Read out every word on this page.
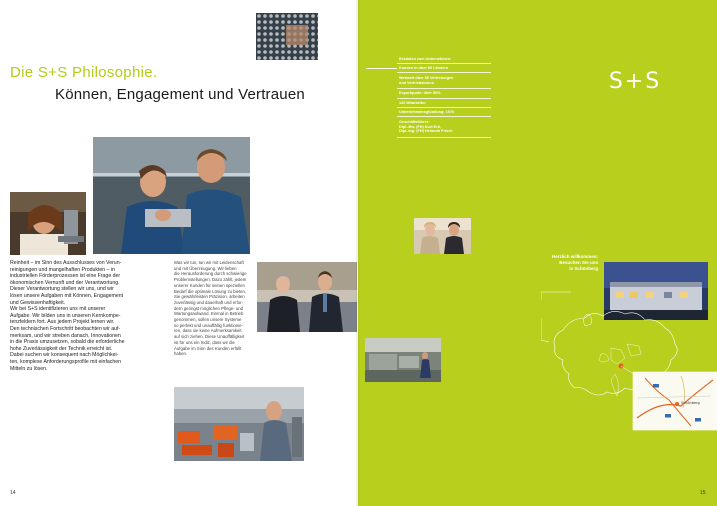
Die S+S Philosophie.
Können, Engagement und Vertrauen
Reinheit – im Sinn des Ausschlusses von Verun-
reinigungen und mangelhaften Produkten – in
industriellen Förderprozessen ist eine Frage der
ökonomischen Vernunft und der Verantwortung.
Dieser Verantwortung stellen wir uns, und wir
lösen unsere Aufgaben mit Können, Engagement
und Gewissenhaftigkeit.
Wir bei S+S identifizieren uns mit unserer
Aufgabe. Wir bilden uns in unseren Kernkompe-
tenzfeldern fort. Aus jedem Projekt lernen wir.
Den technischen Fortschritt beobachten wir auf-
merksam, und wir streben danach, Innovationen
in die Praxis umzusetzen, sobald die erforderliche
hohe Zuverlässigkeit der Technik erreicht ist.
Dabei suchen wir konsequent nach Möglichkei-
ten, komplexe Anforderungsprofile mit einfachen
Mitteln zu lösen.
Was wir tun, tun wir mit Leidenschaft
und mit Überzeugung. Wir lieben
die Herausforderung durch schwierige
Problemstellungen. Dazu zählt, jedem
unserer Kunden für seinen speziellen
Bedarf die optimale Lösung zu bieten.
Sie gewährleisten Präzision, arbeiten
zuverlässig und dauerhaft und erfor-
dern geringst möglichen Pflege- und
Wartungsaufwand. Einmal in Betrieb
genommen, sollen unsere Systeme
so perfekt und unauffällig funktionie-
ren, dass sie keine Aufmerksamkeit
auf sich ziehen. Diese Unauffälligkeit
ist für uns ein Indiz, dass wir die
Aufgabe im Sinn des Kunden erfüllt
haben.
14
Eckdaten zum Unternehmen:
Kunden in über 60 Ländern
Weltweit über 50 Vertretungen
und Vertriebsbüros
Exportquote: über 50%
130 Mitarbeiter
Unternehmensgründung: 1976
Geschäftsführer:
Dipl.-Bw. (FH) Kurt Ertl,
Dipl.-Ing. (FH) Helmuth Frisch
S+S
Herzlich willkommen:
Besuchen Sie uns
in Schönberg
Schönberg
15
